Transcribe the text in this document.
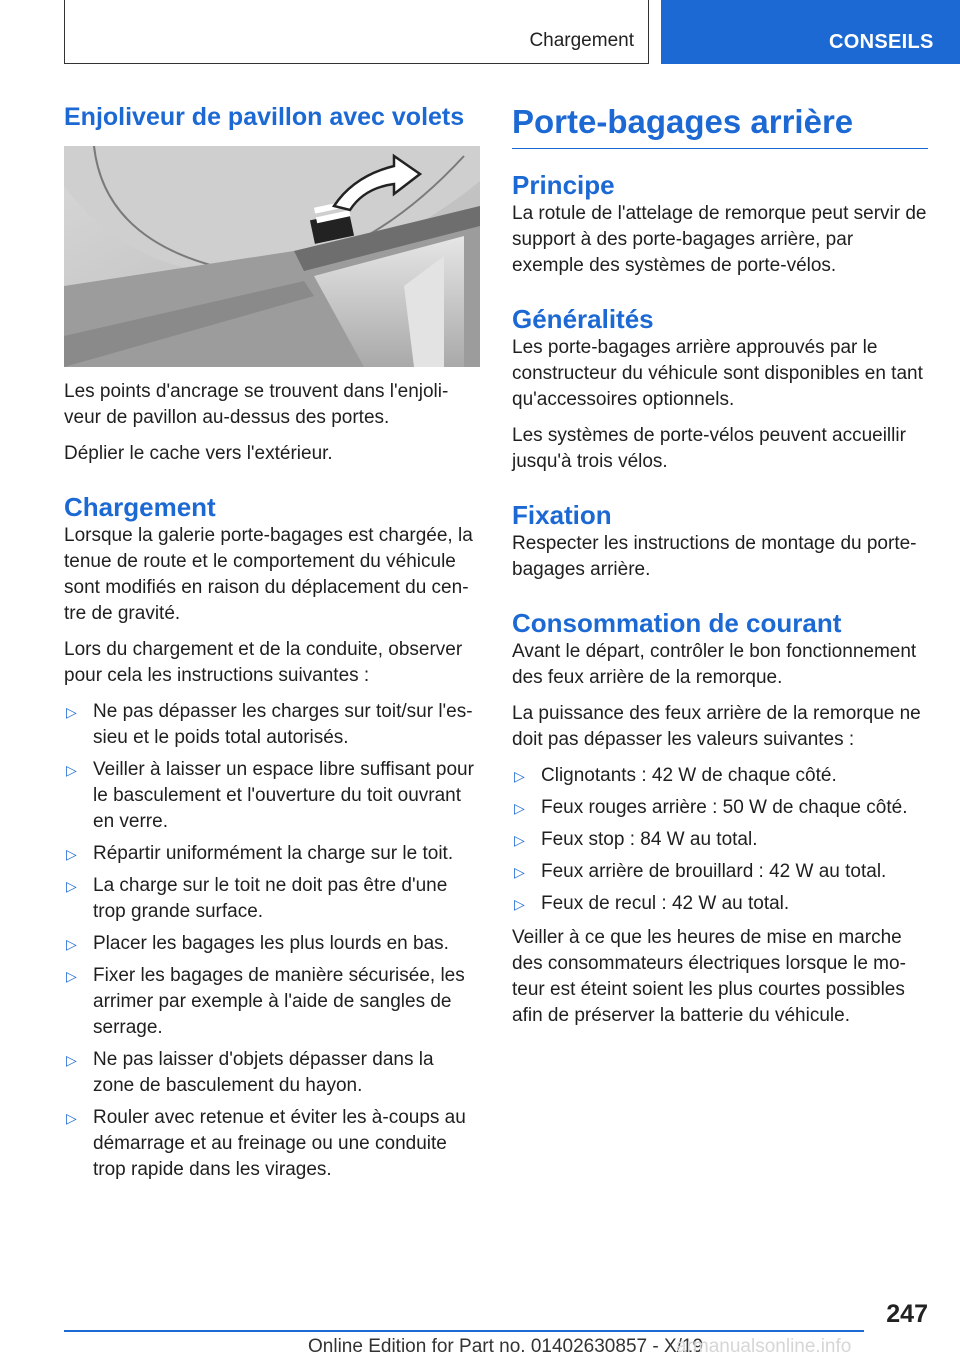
Chargement	CONSEILS
Enjoliveur de pavillon avec volets

Les points d'ancrage se trouvent dans l'enjoli-veur de pavillon au-dessus des portes.

Déplier le cache vers l'extérieur.

Chargement

Lorsque la galerie porte-bagages est chargée, la tenue de route et le comportement du véhicule sont modifiés en raison du déplacement du cen-tre de gravité.

Lors du chargement et de la conduite, observer pour cela les instructions suivantes :

▷ Ne pas dépasser les charges sur toit/sur l'es-sieu et le poids total autorisés.
▷ Veiller à laisser un espace libre suffisant pour le basculement et l'ouverture du toit ouvrant en verre.
▷ Répartir uniformément la charge sur le toit.
▷ La charge sur le toit ne doit pas être d'une trop grande surface.
▷ Placer les bagages les plus lourds en bas.
▷ Fixer les bagages de manière sécurisée, les arrimer par exemple à l'aide de sangles de serrage.
▷ Ne pas laisser d'objets dépasser dans la zone de basculement du hayon.
▷ Rouler avec retenue et éviter les à-coups au démarrage et au freinage ou une conduite trop rapide dans les virages.
Porte-bagages arrière
Principe

La rotule de l'attelage de remorque peut servir de support à des porte-bagages arrière, par exemple des systèmes de porte-vélos.

Généralités

Les porte-bagages arrière approuvés par le constructeur du véhicule sont disponibles en tant qu'accessoires optionnels.

Les systèmes de porte-vélos peuvent accueillir jusqu'à trois vélos.

Fixation

Respecter les instructions de montage du porte-bagages arrière.

Consommation de courant

Avant le départ, contrôler le bon fonctionnement des feux arrière de la remorque.

La puissance des feux arrière de la remorque ne doit pas dépasser les valeurs suivantes :

▷ Clignotants : 42 W de chaque côté.
▷ Feux rouges arrière : 50 W de chaque côté.
▷ Feux stop : 84 W au total.
▷ Feux arrière de brouillard : 42 W au total.
▷ Feux de recul : 42 W au total.

Veiller à ce que les heures de mise en marche des consommateurs électriques lorsque le mo-teur est éteint soient les plus courtes possibles afin de préserver la batterie du véhicule.

247
Online Edition for Part no. 01402630857 - X/19
armanualsonline.info
